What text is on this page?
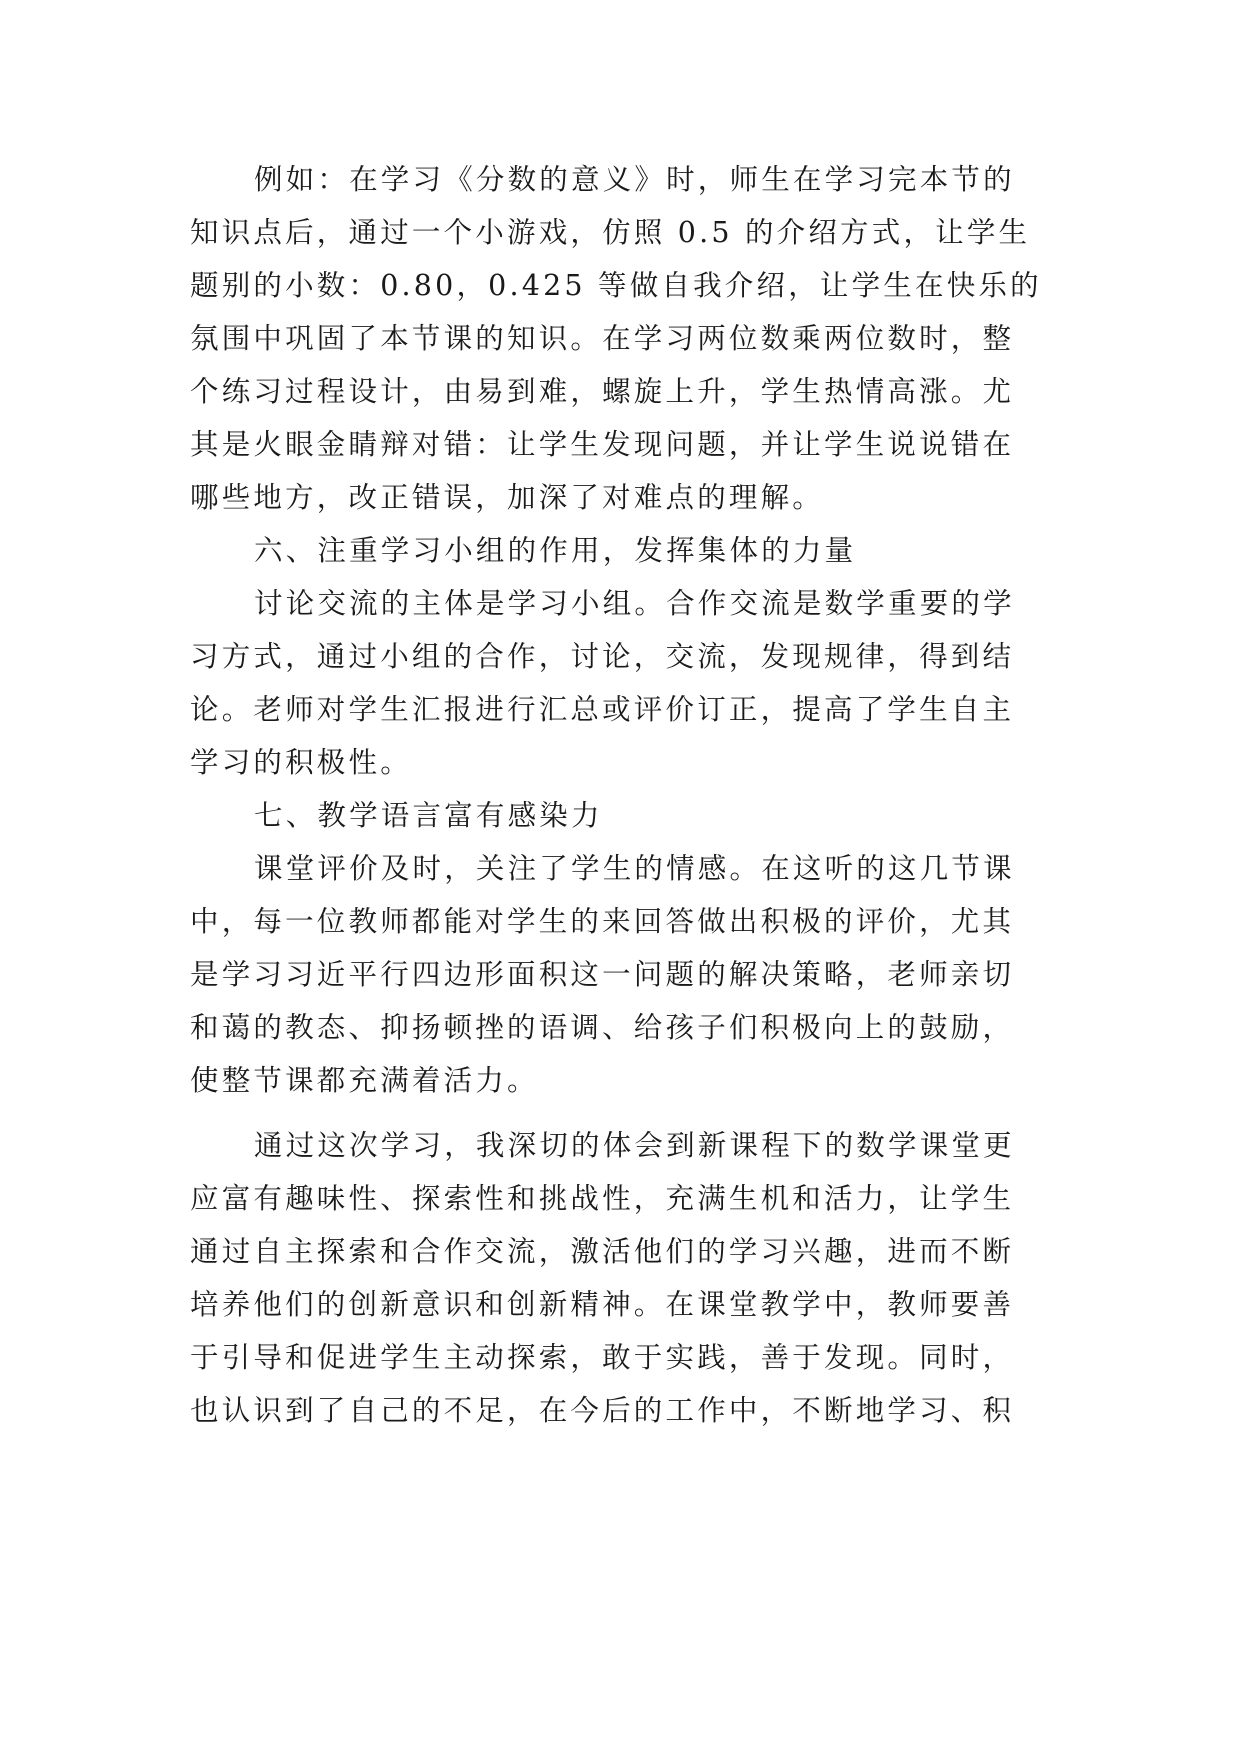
例如：在学习《分数的意义》时，师生在学习完本节的
知识点后，通过一个小游戏，仿照 0.5 的介绍方式，让学生
题别的小数：0.80，0.425 等做自我介绍，让学生在快乐的
氛围中巩固了本节课的知识。在学习两位数乘两位数时，整
个练习过程设计，由易到难，螺旋上升，学生热情高涨。尤
其是火眼金睛辩对错：让学生发现问题，并让学生说说错在
哪些地方，改正错误，加深了对难点的理解。
六、注重学习小组的作用，发挥集体的力量
讨论交流的主体是学习小组。合作交流是数学重要的学
习方式，通过小组的合作，讨论，交流，发现规律，得到结
论。老师对学生汇报进行汇总或评价订正，提高了学生自主
学习的积极性。
七、教学语言富有感染力
课堂评价及时，关注了学生的情感。在这听的这几节课
中，每一位教师都能对学生的来回答做出积极的评价，尤其
是学习习近平行四边形面积这一问题的解决策略，老师亲切
和蔼的教态、抑扬顿挫的语调、给孩子们积极向上的鼓励，
使整节课都充满着活力。
通过这次学习，我深切的体会到新课程下的数学课堂更
应富有趣味性、探索性和挑战性，充满生机和活力，让学生
通过自主探索和合作交流，激活他们的学习兴趣，进而不断
培养他们的创新意识和创新精神。在课堂教学中，教师要善
于引导和促进学生主动探索，敢于实践，善于发现。同时，
也认识到了自己的不足，在今后的工作中，不断地学习、积
